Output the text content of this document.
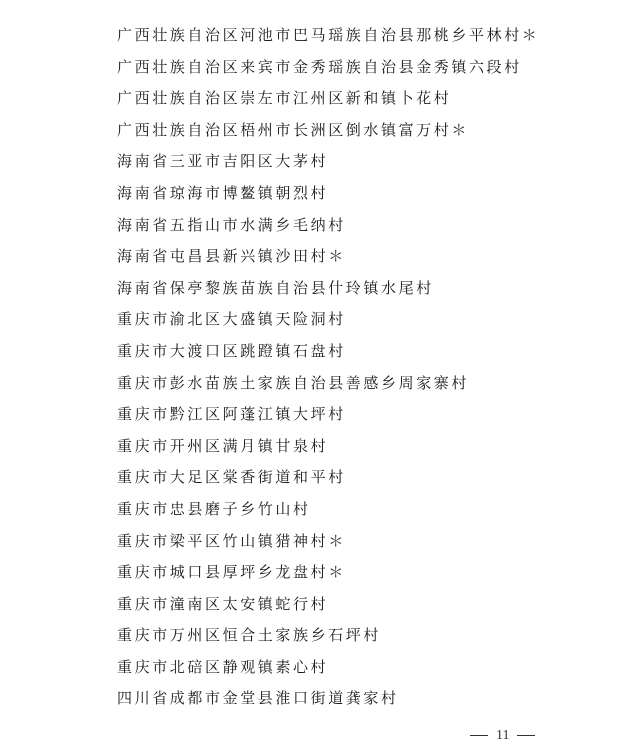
广西壮族自治区河池市巴马瑶族自治县那桃乡平林村＊
广西壮族自治区来宾市金秀瑶族自治县金秀镇六段村
广西壮族自治区崇左市江州区新和镇卜花村
广西壮族自治区梧州市长洲区倒水镇富万村＊
海南省三亚市吉阳区大茅村
海南省琼海市博鳌镇朝烈村
海南省五指山市水满乡毛纳村
海南省屯昌县新兴镇沙田村＊
海南省保亭黎族苗族自治县什玲镇水尾村
重庆市渝北区大盛镇天险洞村
重庆市大渡口区跳蹬镇石盘村
重庆市彭水苗族土家族自治县善感乡周家寨村
重庆市黔江区阿蓬江镇大坪村
重庆市开州区满月镇甘泉村
重庆市大足区棠香街道和平村
重庆市忠县磨子乡竹山村
重庆市梁平区竹山镇猎神村＊
重庆市城口县厚坪乡龙盘村＊
重庆市潼南区太安镇蛇行村
重庆市万州区恒合土家族乡石坪村
重庆市北碚区静观镇素心村
四川省成都市金堂县淮口街道龚家村
11
